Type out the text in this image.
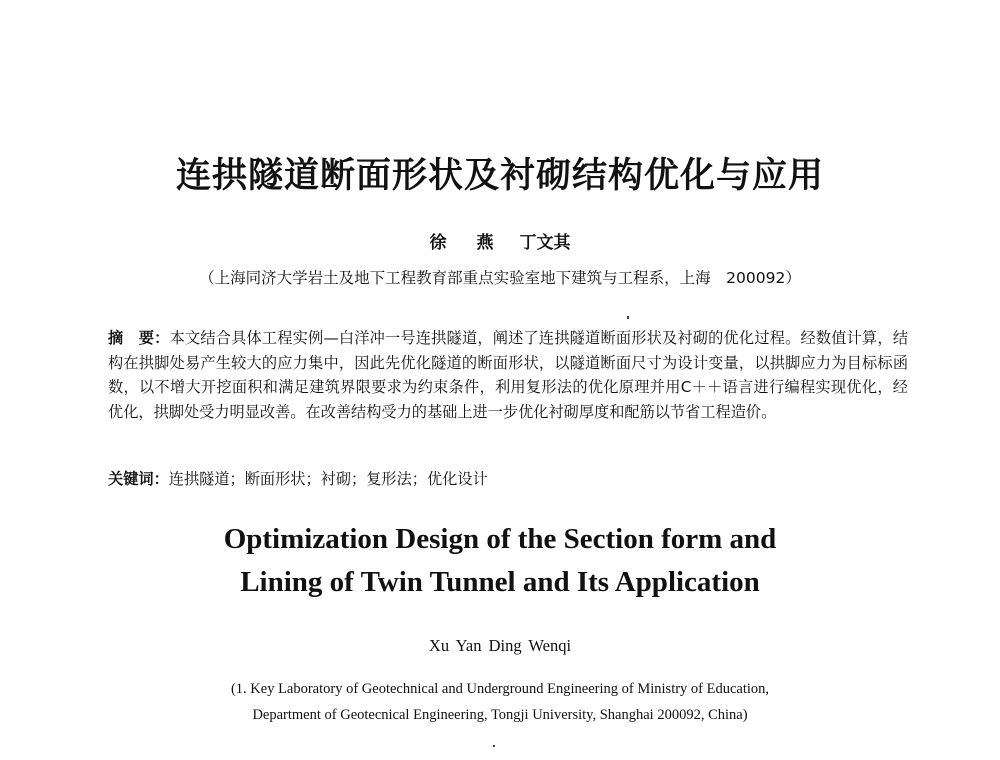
连拱隧道断面形状及衬砌结构优化与应用
徐 燕 丁文其
（上海同济大学岩土及地下工程教育部重点实验室地下建筑与工程系，上海　200092）
摘　要：本文结合具体工程实例—白洋冲一号连拱隧道，阐述了连拱隧道断面形状及衬砌的优化过程。经数值计算，结构在拱脚处易产生较大的应力集中，因此先优化隧道的断面形状，以隧道断面尺寸为设计变量，以拱脚应力为目标标函数，以不增大开挖面积和满足建筑界限要求为约束条件，利用复形法的优化原理并用C＋＋语言进行编程实现优化，经优化，拱脚处受力明显改善。在改善结构受力的基础上进一步优化衬砌厚度和配筋以节省工程造价。
关键词：连拱隧道；断面形状；衬砌；复形法；优化设计
Optimization Design of the Section form and
Lining of Twin Tunnel and Its Application
Xu Yan Ding Wenqi
(1. Key Laboratory of Geotechnical and Underground Engineering of Ministry of Education,
Department of Geotecnical Engineering, Tongji University, Shanghai 200092, China)
